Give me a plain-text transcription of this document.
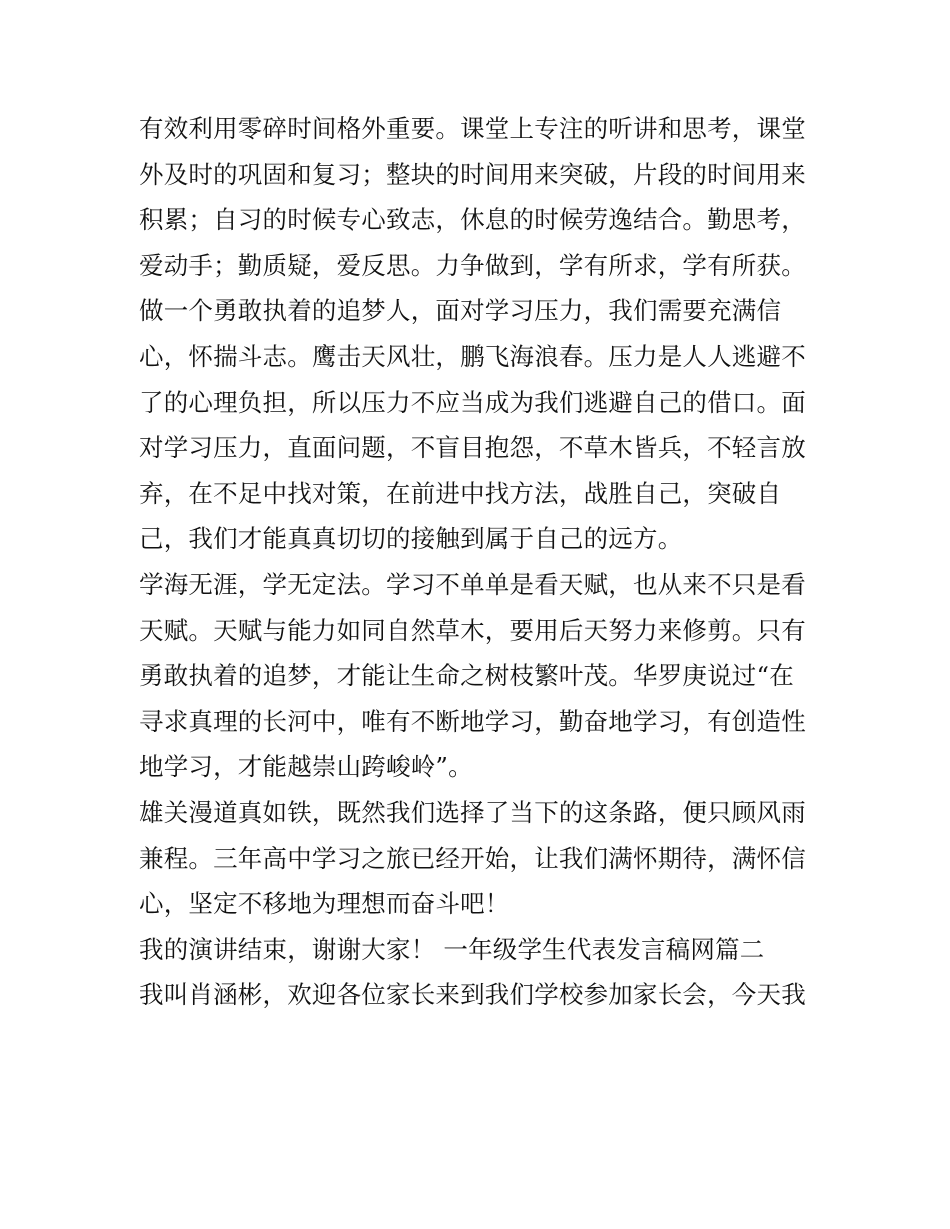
有效利用零碎时间格外重要。课堂上专注的听讲和思考，课堂
外及时的巩固和复习；整块的时间用来突破，片段的时间用来
积累；自习的时候专心致志，休息的时候劳逸结合。勤思考，
爱动手；勤质疑，爱反思。力争做到，学有所求，学有所获。
做一个勇敢执着的追梦人，面对学习压力，我们需要充满信
心，怀揣斗志。鹰击天风壮，鹏飞海浪春。压力是人人逃避不
了的心理负担，所以压力不应当成为我们逃避自己的借口。面
对学习压力，直面问题，不盲目抱怨，不草木皆兵，不轻言放
弃，在不足中找对策，在前进中找方法，战胜自己，突破自
己，我们才能真真切切的接触到属于自己的远方。
学海无涯，学无定法。学习不单单是看天赋，也从来不只是看
天赋。天赋与能力如同自然草木，要用后天努力来修剪。只有
勇敢执着的追梦，才能让生命之树枝繁叶茂。华罗庚说过“在
寻求真理的长河中，唯有不断地学习，勤奋地学习，有创造性
地学习，才能越崇山跨峻岭”。
雄关漫道真如铁，既然我们选择了当下的这条路，便只顾风雨
兼程。三年高中学习之旅已经开始，让我们满怀期待，满怀信
心，坚定不移地为理想而奋斗吧！
我的演讲结束，谢谢大家！ 一年级学生代表发言稿网篇二
我叫肖涵彬，欢迎各位家长来到我们学校参加家长会，今天我
